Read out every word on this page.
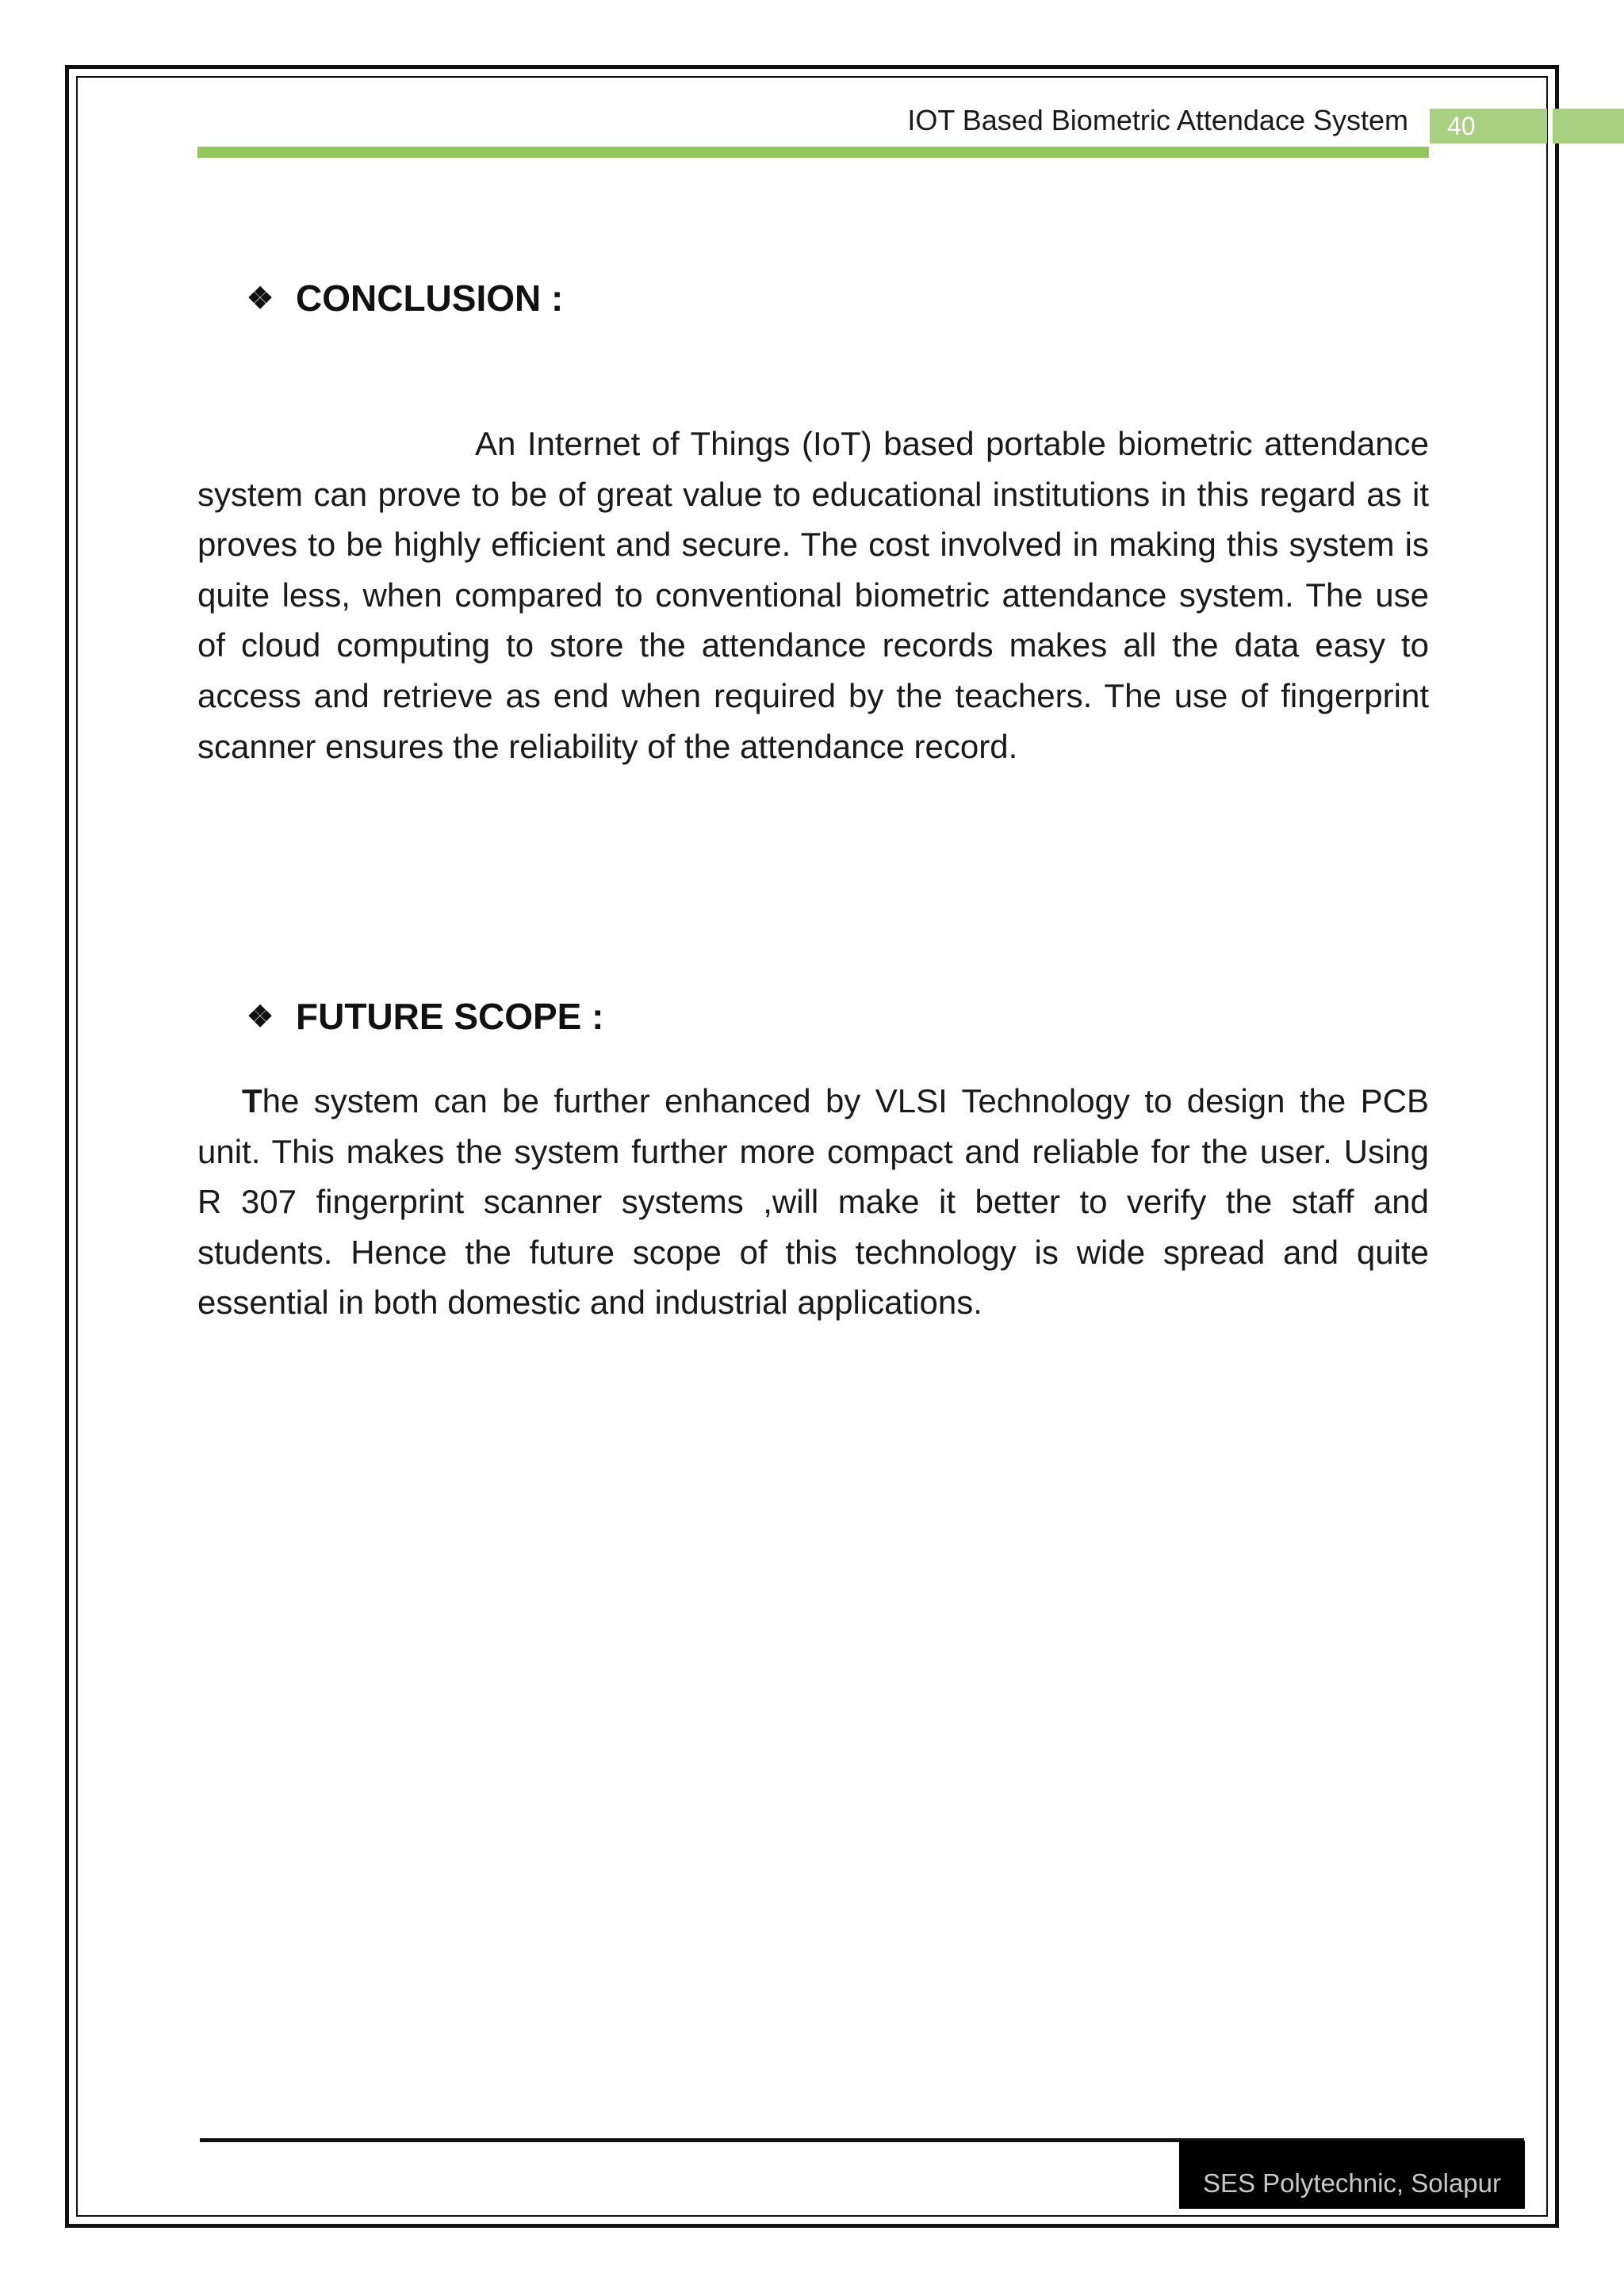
IOT Based Biometric Attendace System	40
❖ CONCLUSION :

An Internet of Things (IoT) based portable biometric attendance system can prove to be of great value to educational institutions in this regard as it proves to be highly efficient and secure. The cost involved in making this system is quite less, when compared to conventional biometric attendance system. The use of cloud computing to store the attendance records makes all the data easy to access and retrieve as end when required by the teachers. The use of fingerprint scanner ensures the reliability of the attendance record.

❖ FUTURE SCOPE :

The system can be further enhanced by VLSI Technology to design the PCB unit. This makes the system further more compact and reliable for the user. Using R 307 fingerprint scanner systems ,will make it better to verify the staff and students. Hence the future scope of this technology is wide spread and quite essential in both domestic and industrial applications.

SES Polytechnic, Solapur
